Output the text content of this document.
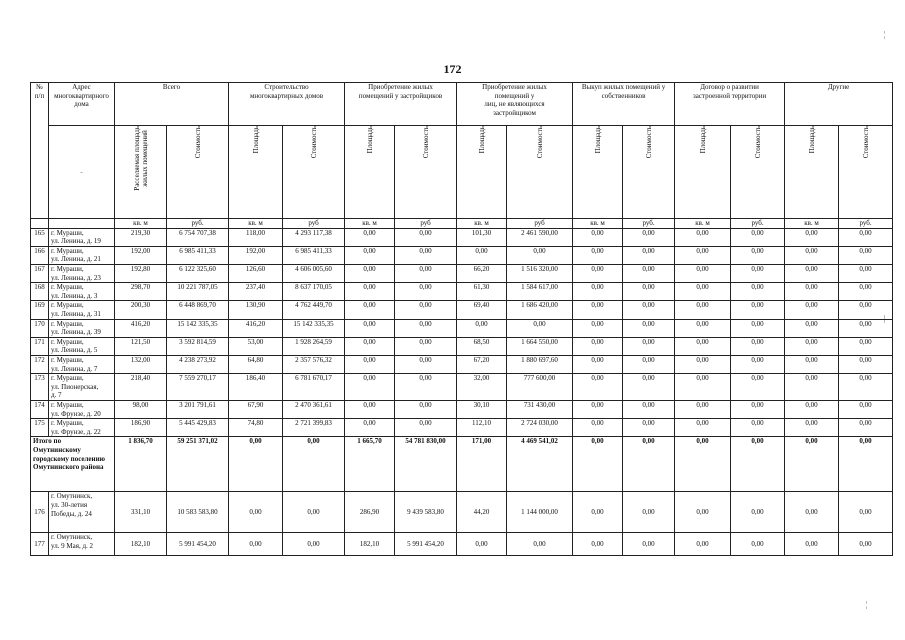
172
¦
|
¦
№
п/п	Адрес
многоквартирного
дома	Всего		Строительство
многоквартирных домов		Приобретение жилых
помещений у застройщиков		Приобретение жилых
помещений у
лиц, не являющихся
застройщиком		Выкуп жилых помещений у
собственников		Договор о развитии
застроенной территории		Другие	
	-	Расселяемая площадь
жилых помещений	Стоимость	Площадь	Стоимость	Площадь	Стоимость	Площадь	Стоимость	Площадь	Стоимость	Площадь	Стоимость	Площадь	Стоимость
		кв. м	руб.	кв. м	руб	кв. м	руб	кв. м	руб	кв. м	руб.	кв. м	руб.	кв. м	руб.
165	г. Мураши,
ул. Ленина, д. 19	219,30	6 754 707,38	118,00	4 293 117,38	0,00	0,00	101,30	2 461 590,00	0,00	0,00	0,00	0,00	0,00	0,00
166	г. Мураши,
ул. Ленина, д. 21	192,00	6 985 411,33	192,00	6 985 411,33	0,00	0,00	0,00	0,00	0,00	0,00	0,00	0,00	0,00	0,00
167	г. Мураши,
ул. Ленина, д. 23	192,80	6 122 325,60	126,60	4 606 005,60	0,00	0,00	66,20	1 516 320,00	0,00	0,00	0,00	0,00	0,00	0,00
168	г. Мураши,
ул. Ленина, д. 3	298,70	10 221 787,05	237,40	8 637 170,05	0,00	0,00	61,30	1 584 617,00	0,00	0,00	0,00	0,00	0,00	0,00
169	г. Мураши,
ул. Ленина, д. 31	200,30	6 448 869,70	130,90	4 762 449,70	0,00	0,00	69,40	1 686 420,00	0,00	0,00	0,00	0,00	0,00	0,00
170	г. Мураши,
ул. Ленина, д. 39	416,20	15 142 335,35	416,20	15 142 335,35	0,00	0,00	0,00	0,00	0,00	0,00	0,00	0,00	0,00	0,00
171	г. Мураши,
ул. Ленина, д. 5	121,50	3 592 814,59	53,00	1 928 264,59	0,00	0,00	68,50	1 664 550,00	0,00	0,00	0,00	0,00	0,00	0,00
172	г. Мураши,
ул. Ленина, д. 7	132,00	4 238 273,92	64,80	2 357 576,32	0,00	0,00	67,20	1 880 697,60	0,00	0,00	0,00	0,00	0,00	0,00
173	г. Мураши,
ул. Пионерская,
д. 7	218,40	7 559 270,17	186,40	6 781 670,17	0,00	0,00	32,00	777 600,00	0,00	0,00	0,00	0,00	0,00	0,00
174	г. Мураши,
ул. Фрунзе, д. 20	98,00	3 201 791,61	67,90	2 470 361,61	0,00	0,00	30,10	731 430,00	0,00	0,00	0,00	0,00	0,00	0,00
175	г. Мураши,
ул. Фрунзе, д. 22	186,90	5 445 429,83	74,80	2 721 399,83	0,00	0,00	112,10	2 724 030,00	0,00	0,00	0,00	0,00	0,00	0,00
Итого по
Омутнинскому
городскому поселению
Омутнинского района		1 836,70	59 251 371,02	0,00	0,00	1 665,70	54 781 830,00	171,00	4 469 541,02	0,00	0,00	0,00	0,00	0,00	0,00
176	г. Омутнинск,
ул. 30-летия
Победы, д. 24	331,10	10 583 583,80	0,00	0,00	286,90	9 439 583,80	44,20	1 144 000,00	0,00	0,00	0,00	0,00	0,00	0,00
177	г. Омутнинск,
ул. 9 Мая, д. 2	182,10	5 991 454,20	0,00	0,00	182,10	5 991 454,20	0,00	0,00	0,00	0,00	0,00	0,00	0,00	0,00
